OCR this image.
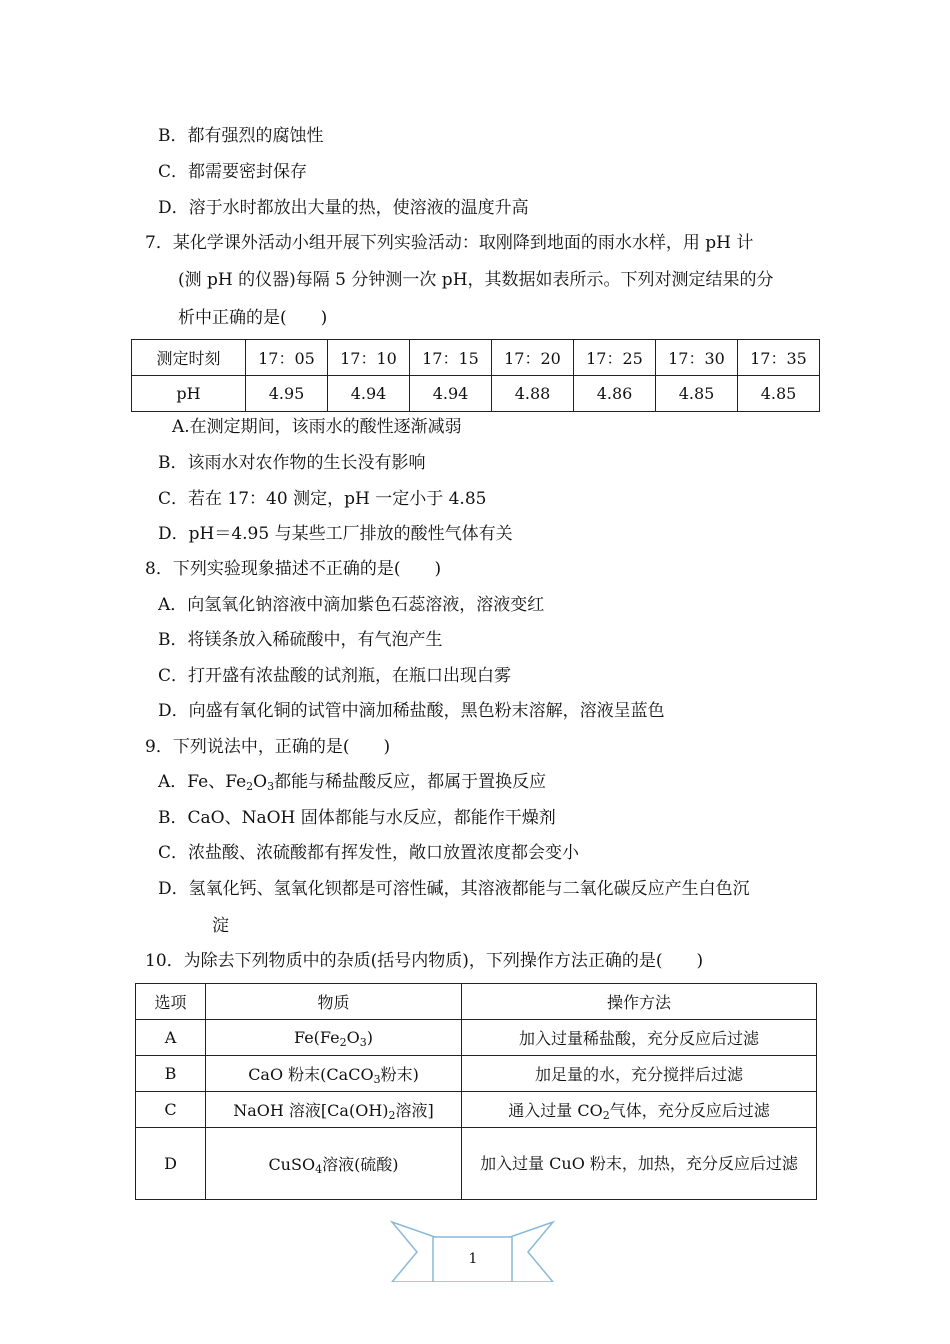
B．都有强烈的腐蚀性
C．都需要密封保存
D．溶于水时都放出大量的热，使溶液的温度升高
7．某化学课外活动小组开展下列实验活动：取刚降到地面的雨水水样，用 pH 计
(测 pH 的仪器)每隔 5 分钟测一次 pH，其数据如表所示。下列对测定结果的分
析中正确的是(　　)
测定时刻	17：05	17：10	17：15	17：20	17：25	17：30	17：35
pH	4.95	4.94	4.94	4.88	4.86	4.85	4.85
A.在测定期间，该雨水的酸性逐渐减弱
B．该雨水对农作物的生长没有影响
C．若在 17：40 测定，pH 一定小于 4.85
D．pH＝4.95 与某些工厂排放的酸性气体有关
8．下列实验现象描述不正确的是(　　)
A．向氢氧化钠溶液中滴加紫色石蕊溶液，溶液变红
B．将镁条放入稀硫酸中，有气泡产生
C．打开盛有浓盐酸的试剂瓶，在瓶口出现白雾
D．向盛有氧化铜的试管中滴加稀盐酸，黑色粉末溶解，溶液呈蓝色
9．下列说法中，正确的是(　　)
A．Fe、$Fe_2O_3$都能与稀盐酸反应，都属于置换反应
B．CaO、NaOH 固体都能与水反应，都能作干燥剂
C．浓盐酸、浓硫酸都有挥发性，敞口放置浓度都会变小
D．氢氧化钙、氢氧化钡都是可溶性碱，其溶液都能与二氧化碳反应产生白色沉
淀
10．为除去下列物质中的杂质(括号内物质)，下列操作方法正确的是(　　)
选项	物质	操作方法
A	$Fe(Fe_2O_3)$	加入过量稀盐酸，充分反应后过滤
B	CaO 粉末(CaCO$_3$粉末)	加足量的水，充分搅拌后过滤
C	NaOH 溶液[$Ca(OH)_2$溶液]	通入过量 $CO_2$气体，充分反应后过滤
D	CuSO$_4$溶液(硫酸)	加入过量 CuO 粉末，加热，充分反应后过滤
1
